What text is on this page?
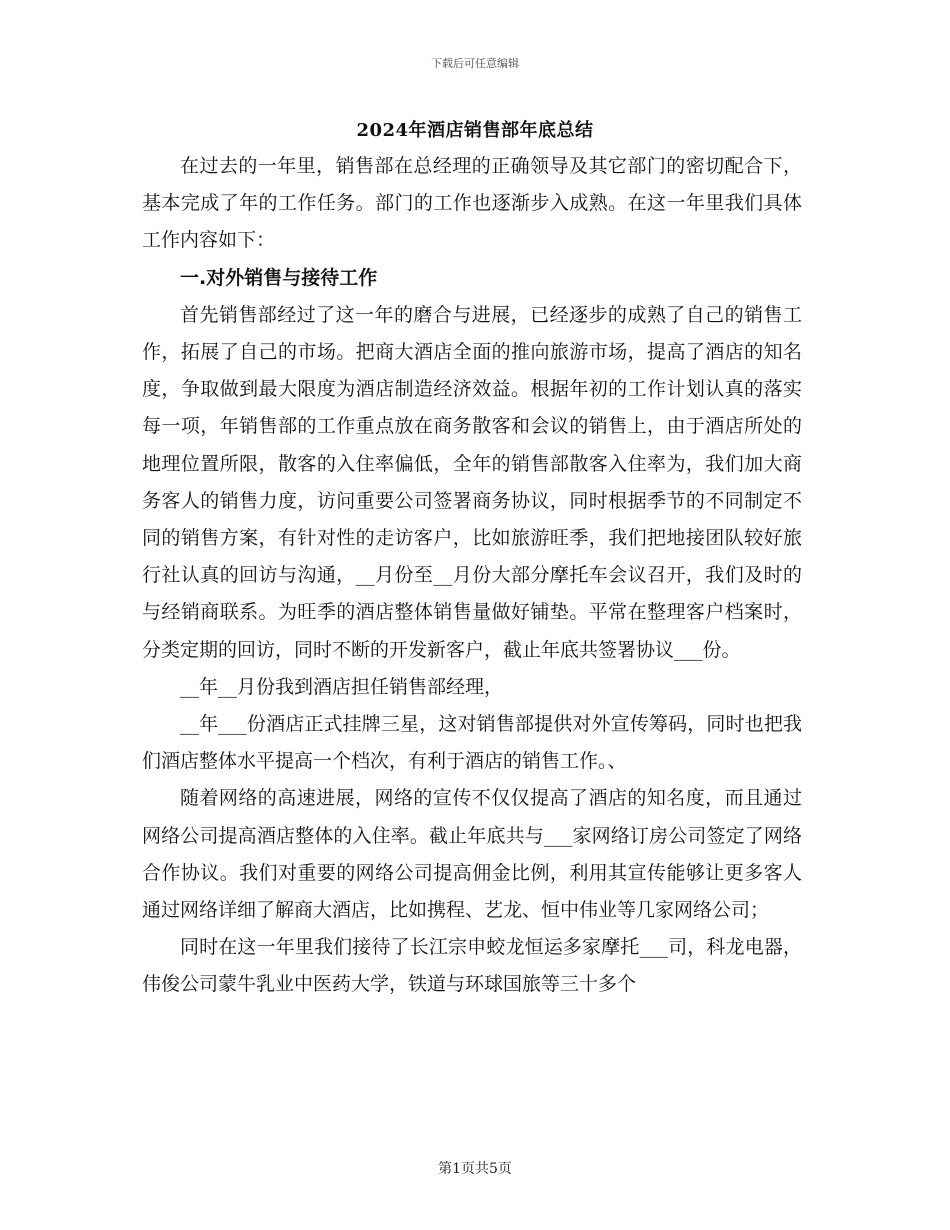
下载后可任意编辑
2024年酒店销售部年底总结

在过去的一年里，销售部在总经理的正确领导及其它部门的密切配合下，基本完成了年的工作任务。部门的工作也逐渐步入成熟。在这一年里我们具体工作内容如下：

一.对外销售与接待工作

首先销售部经过了这一年的磨合与进展，已经逐步的成熟了自己的销售工作，拓展了自己的市场。把商大酒店全面的推向旅游市场，提高了酒店的知名度，争取做到最大限度为酒店制造经济效益。根据年初的工作计划认真的落实每一项，年销售部的工作重点放在商务散客和会议的销售上，由于酒店所处的地理位置所限，散客的入住率偏低，全年的销售部散客入住率为，我们加大商务客人的销售力度，访问重要公司签署商务协议，同时根据季节的不同制定不同的销售方案，有针对性的走访客户，比如旅游旺季，我们把地接团队较好旅行社认真的回访与沟通，__月份至__月份大部分摩托车会议召开，我们及时的与经销商联系。为旺季的酒店整体销售量做好铺垫。平常在整理客户档案时，分类定期的回访，同时不断的开发新客户，截止年底共签署协议___份。

__年__月份我到酒店担任销售部经理，

__年___份酒店正式挂牌三星，这对销售部提供对外宣传筹码，同时也把我们酒店整体水平提高一个档次，有利于酒店的销售工作。、

随着网络的高速进展，网络的宣传不仅仅提高了酒店的知名度，而且通过网络公司提高酒店整体的入住率。截止年底共与___家网络订房公司签定了网络合作协议。我们对重要的网络公司提高佣金比例，利用其宣传能够让更多客人通过网络详细了解商大酒店，比如携程、艺龙、恒中伟业等几家网络公司；

同时在这一年里我们接待了长江宗申蛟龙恒运多家摩托___司，科龙电器，伟俊公司蒙牛乳业中医药大学，铁道与环球国旅等三十多个

第1页共5页
